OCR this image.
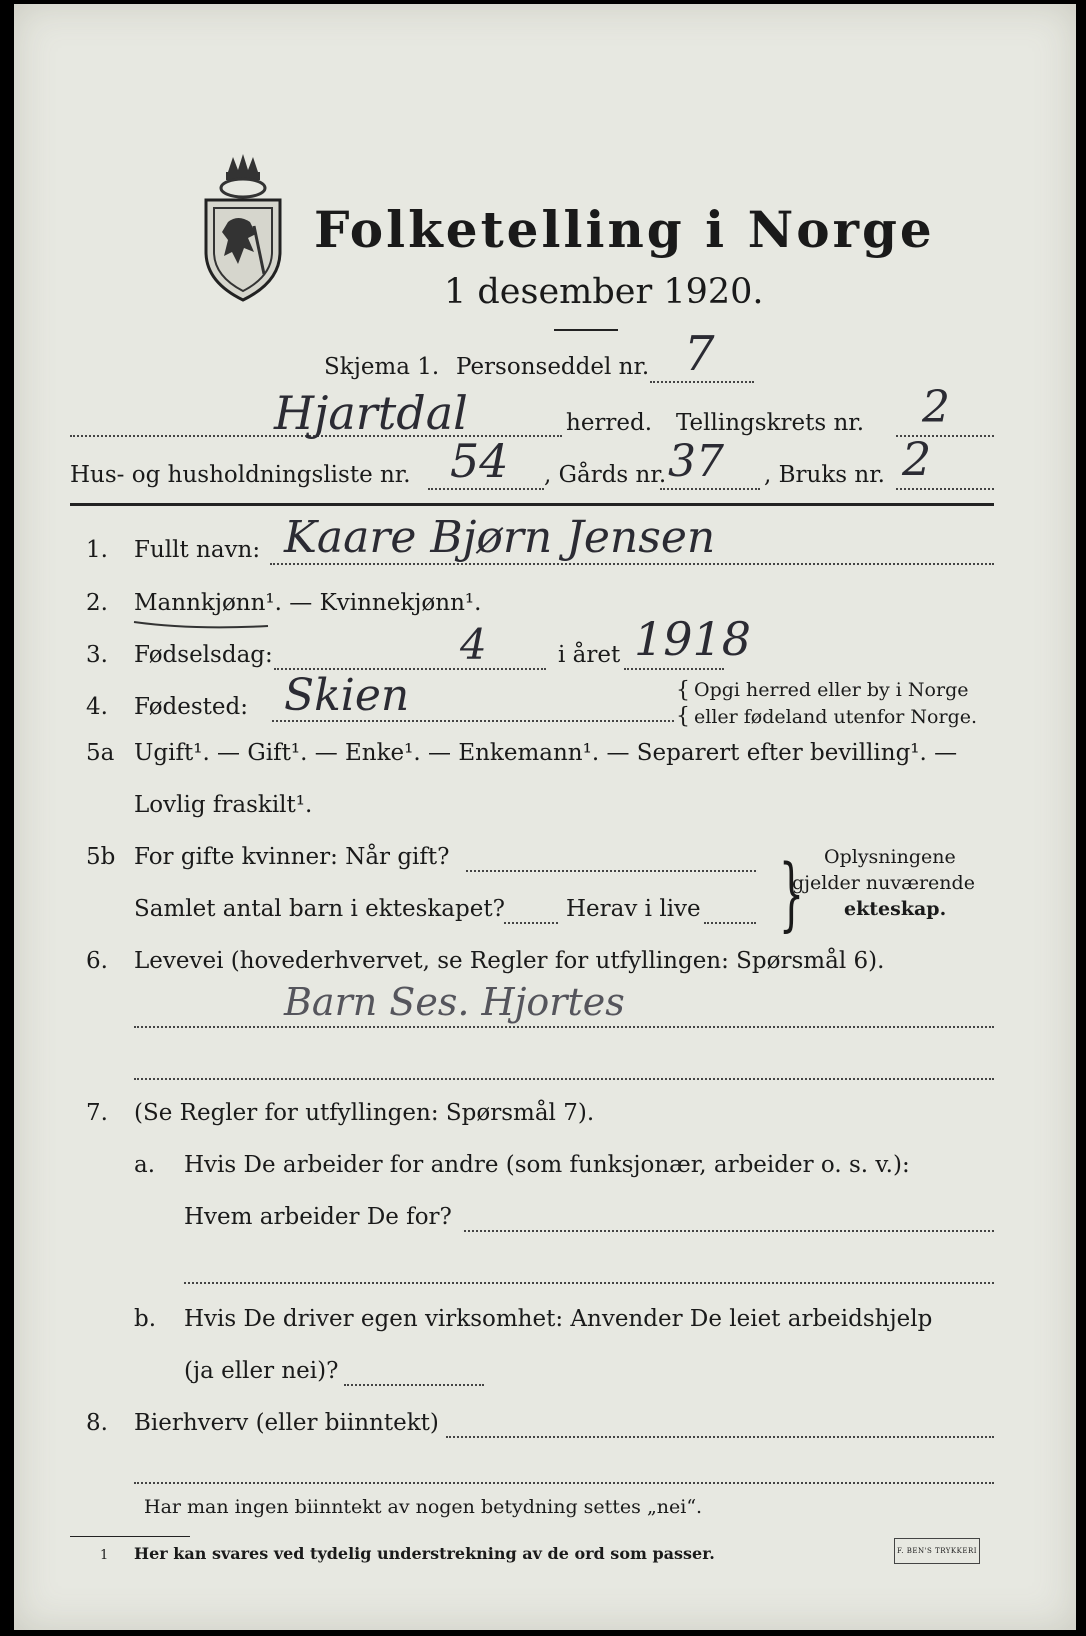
Folketelling i Norge
1 desember 1920.
Skjema 1. Personseddel nr. 7
Hjartdal	herred. Tellingskrets nr. 2
Hus- og husholdningsliste nr. 54 , Gårds nr. 37 , Bruks nr. 2
1. Fullt navn: Kaare Bjørn Jensen
2. Mannkjønn¹. — Kvinnekjønn¹.
3. Fødselsdag:	4	i året 1918
4. Fødested: Skien	{
{
Opgi herred eller by i Norge
eller fødeland utenfor Norge.
5a Ugift¹. — Gift¹. — Enke¹. — Enkemann¹. — Separert efter bevilling¹. —
Lovlig fraskilt¹.
5b For gifte kvinner: Når gift?
Samlet antal barn i ekteskapet?	Herav i live } Oplysningene
gjelder nuværende
ekteskap.
6. Levevei (hovederhvervet, se Regler for utfyllingen: Spørsmål 6).
Barn Ses. Hjortes
7. (Se Regler for utfyllingen: Spørsmål 7).
a. Hvis De arbeider for andre (som funksjonær, arbeider o. s. v.):
Hvem arbeider De for?
b. Hvis De driver egen virksomhet: Anvender De leiet arbeidshjelp
(ja eller nei)?
8. Bierhverv (eller biinntekt)
Har man ingen biinntekt av nogen betydning settes „nei“.
1 Her kan svares ved tydelig understrekning av de ord som passer.	F. BEN'S TRYKKERI
